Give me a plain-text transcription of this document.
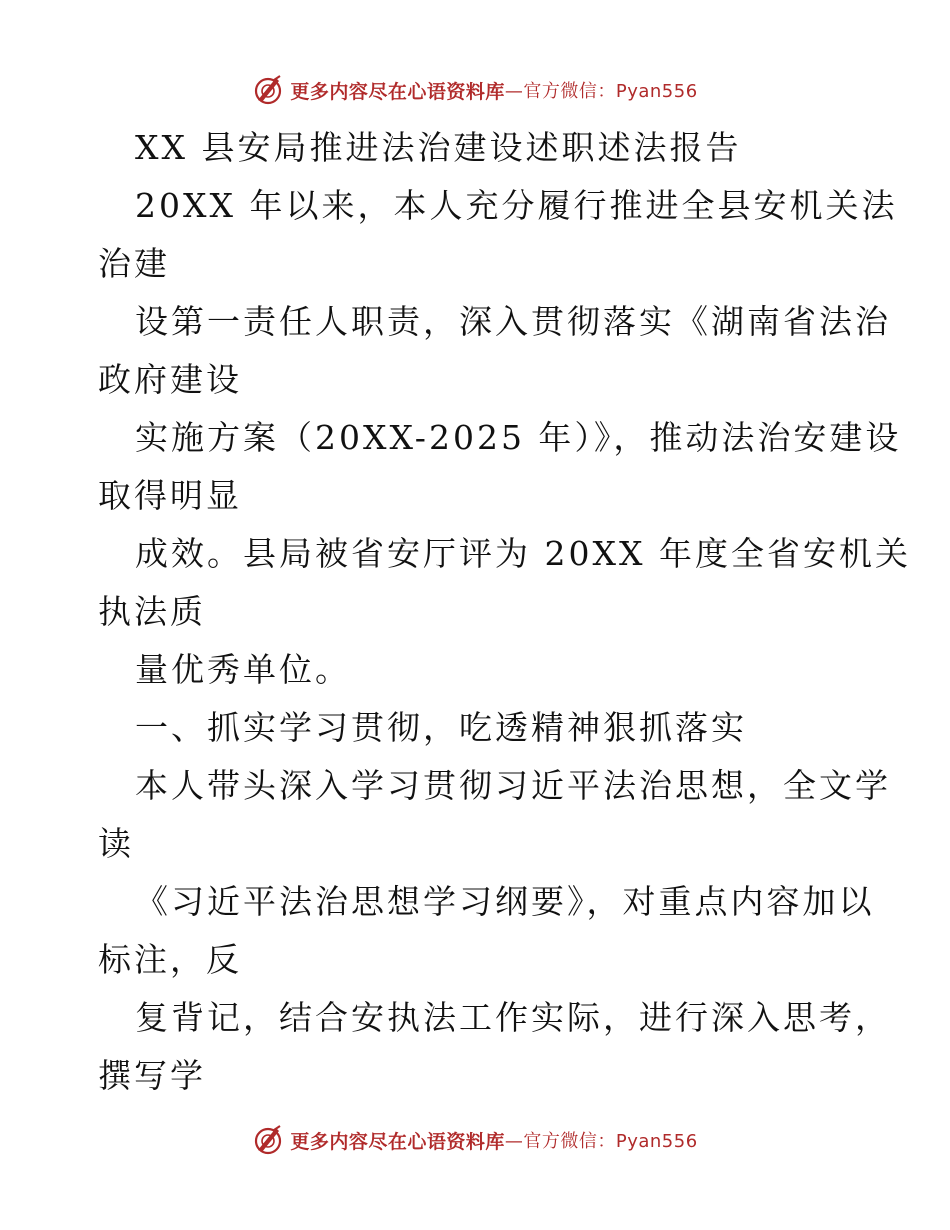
更多内容尽在心语资料库 —官方微信：Pyan556
XX 县安局推进法治建设述职述法报告
20XX 年以来，本人充分履行推进全县安机关法
治建
设第一责任人职责，深入贯彻落实《湖南省法治
政府建设
实施方案（20XX-2025 年）》，推动法治安建设
取得明显
成效。县局被省安厅评为 20XX 年度全省安机关
执法质
量优秀单位。
一、抓实学习贯彻，吃透精神狠抓落实
本人带头深入学习贯彻习近平法治思想，全文学
读
《习近平法治思想学习纲要》，对重点内容加以
标注，反
复背记，结合安执法工作实际，进行深入思考，
撰写学
更多内容尽在心语资料库 —官方微信：Pyan556
